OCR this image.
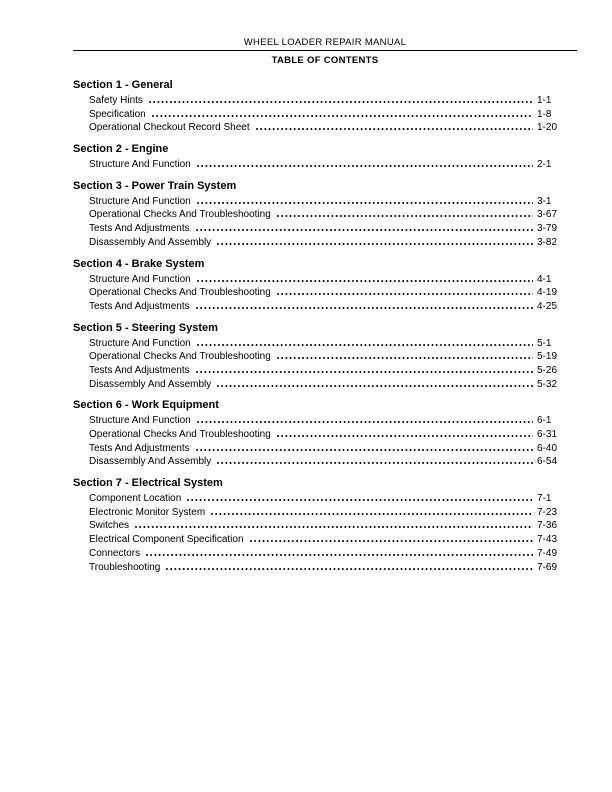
WHEEL LOADER REPAIR MANUAL
TABLE OF CONTENTS
Section 1 - General
Safety Hints	1-1
Specification	1-8
Operational Checkout Record Sheet	1-20
Section 2 - Engine
Structure And Function	2-1
Section 3 - Power Train System
Structure And Function	3-1
Operational Checks And Troubleshooting	3-67
Tests And Adjustments	3-79
Disassembly And Assembly	3-82
Section 4 - Brake System
Structure And Function	4-1
Operational Checks And Troubleshooting	4-19
Tests And Adjustments	4-25
Section 5 - Steering System
Structure And Function	5-1
Operational Checks And Troubleshooting	5-19
Tests And Adjustments	5-26
Disassembly And Assembly	5-32
Section 6 - Work Equipment
Structure And Function	6-1
Operational Checks And Troubleshooting	6-31
Tests And Adjustments	6-40
Disassembly And Assembly	6-54
Section 7 - Electrical System
Component Location	7-1
Electronic Monitor System	7-23
Switches	7-36
Electrical Component Specification	7-43
Connectors	7-49
Troubleshooting	7-69
